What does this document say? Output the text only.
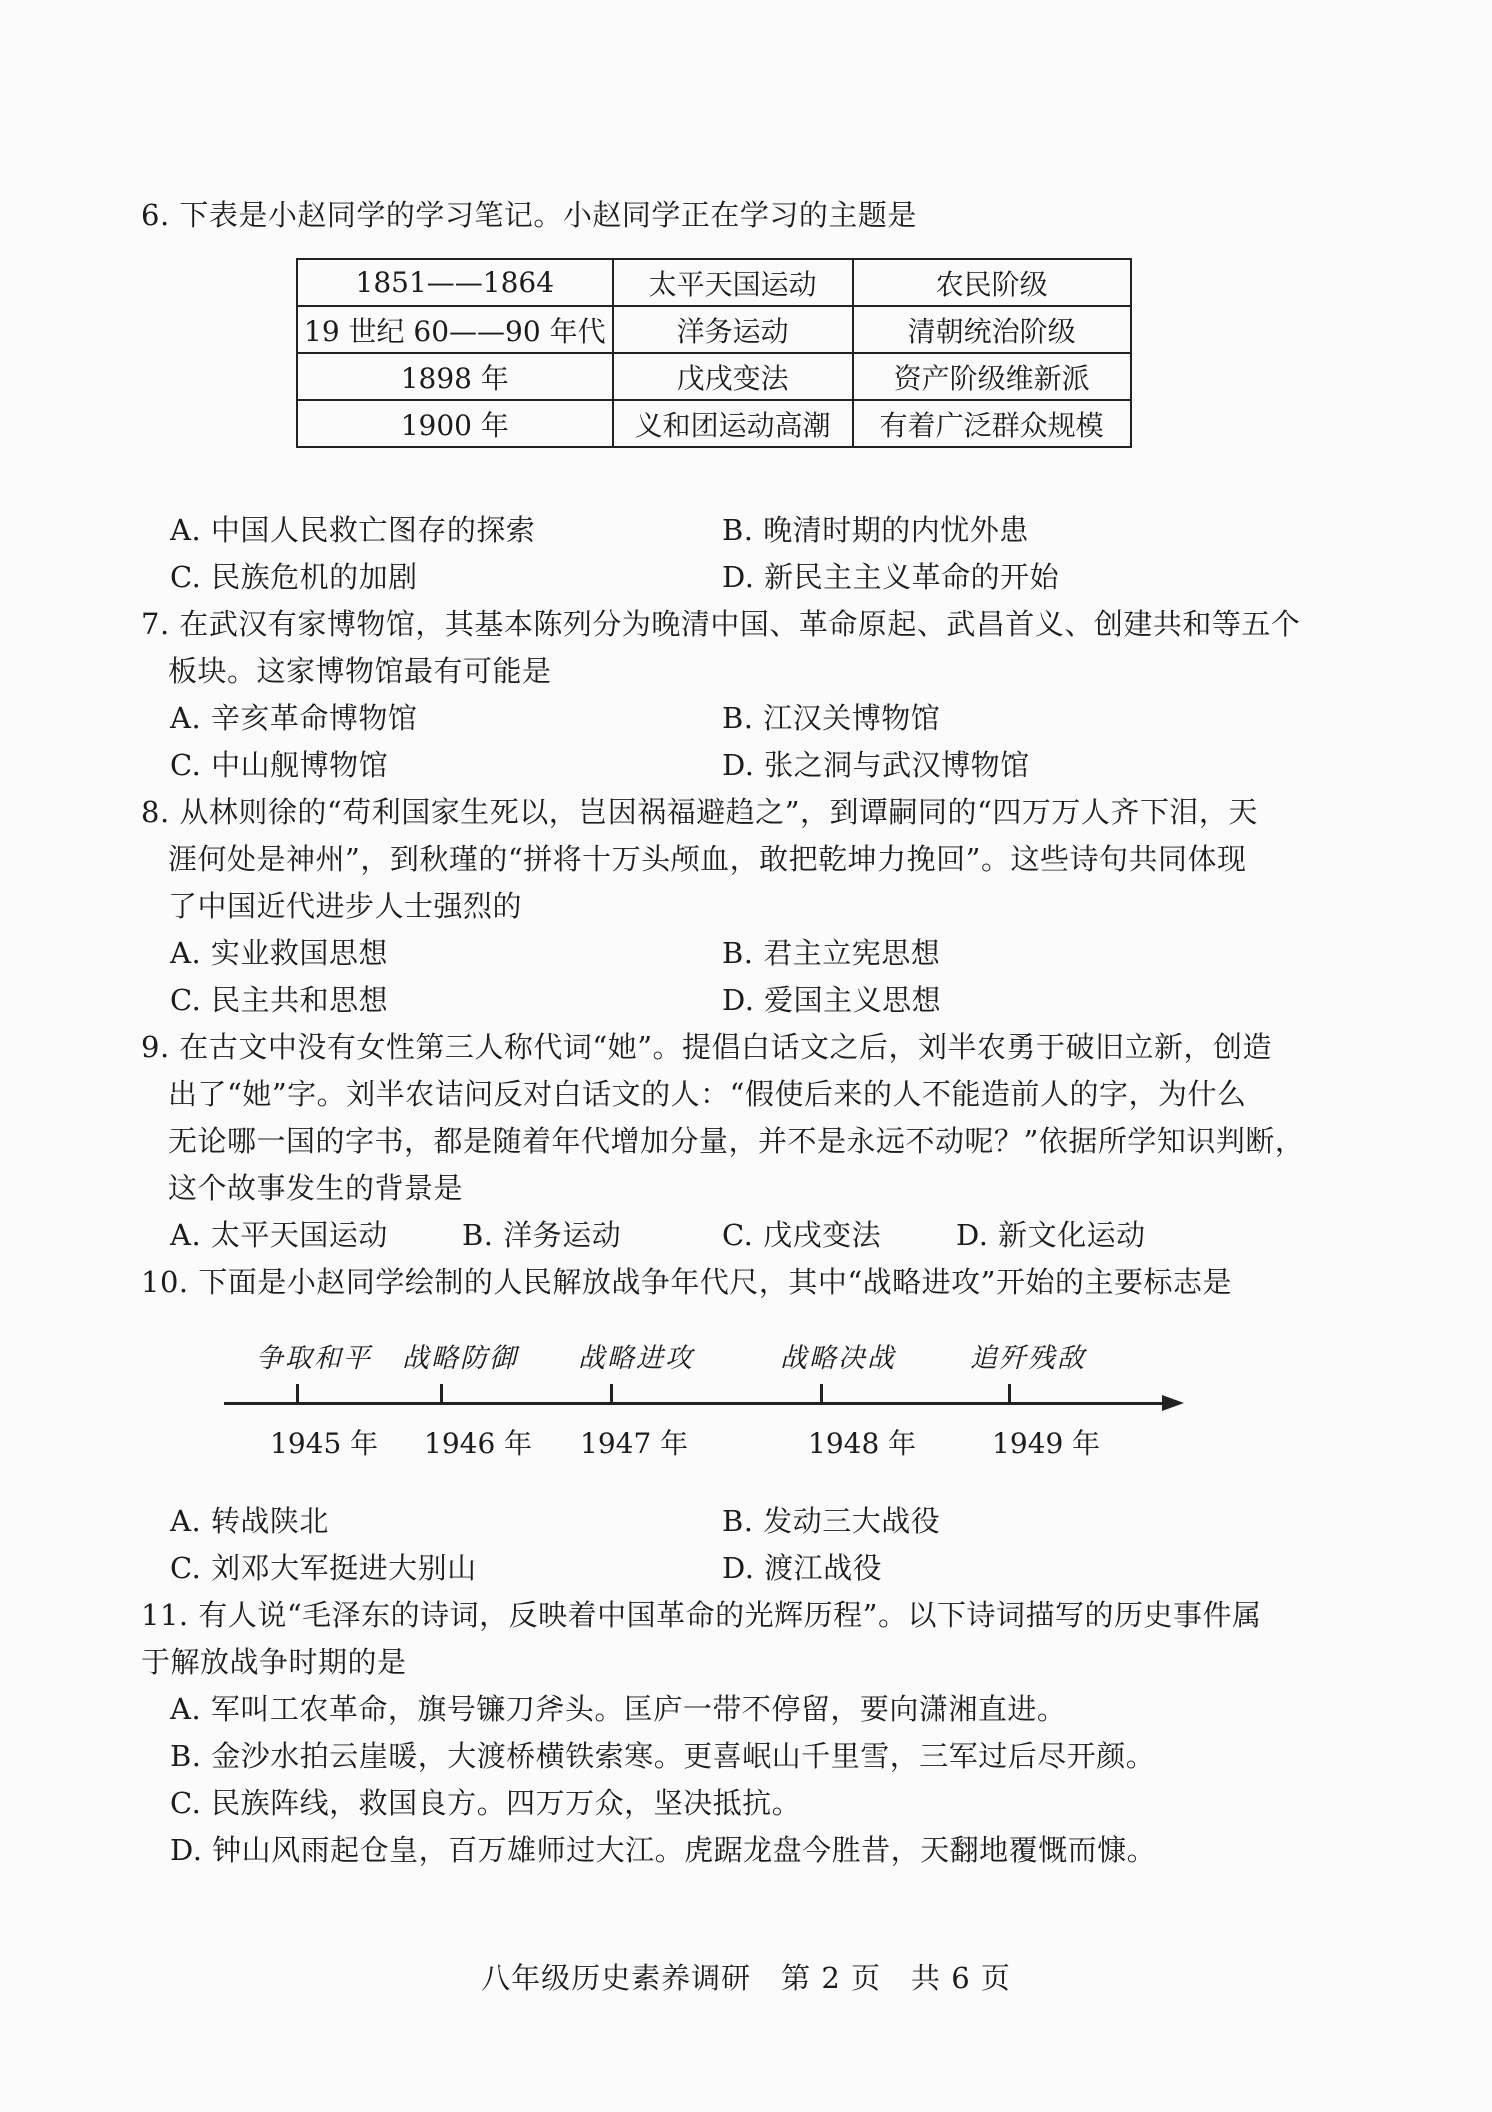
6. 下表是小赵同学的学习笔记。小赵同学正在学习的主题是
1851——1864	太平天国运动	农民阶级
19 世纪 60——90 年代	洋务运动	清朝统治阶级
1898 年	戊戌变法	资产阶级维新派
1900 年	义和团运动高潮	有着广泛群众规模
A. 中国人民救亡图存的探索	B. 晚清时期的内忧外患
C. 民族危机的加剧	D. 新民主主义革命的开始
7. 在武汉有家博物馆，其基本陈列分为晚清中国、革命原起、武昌首义、创建共和等五个
板块。这家博物馆最有可能是
A. 辛亥革命博物馆	B. 江汉关博物馆
C. 中山舰博物馆	D. 张之洞与武汉博物馆
8. 从林则徐的“苟利国家生死以，岂因祸福避趋之”，到谭嗣同的“四万万人齐下泪，天
涯何处是神州”，到秋瑾的“拼将十万头颅血，敢把乾坤力挽回”。这些诗句共同体现
了中国近代进步人士强烈的
A. 实业救国思想	B. 君主立宪思想
C. 民主共和思想	D. 爱国主义思想
9. 在古文中没有女性第三人称代词“她”。提倡白话文之后，刘半农勇于破旧立新，创造
出了“她”字。刘半农诘问反对白话文的人：“假使后来的人不能造前人的字，为什么
无论哪一国的字书，都是随着年代增加分量，并不是永远不动呢？”依据所学知识判断，
这个故事发生的背景是
A. 太平天国运动	B. 洋务运动	C. 戊戌变法	D. 新文化运动
10. 下面是小赵同学绘制的人民解放战争年代尺，其中“战略进攻”开始的主要标志是
争取和平 战略防御 战略进攻	战略决战	追歼残敌
1945 年 1946 年 1947 年	1948 年	1949 年
A. 转战陕北	B. 发动三大战役
C. 刘邓大军挺进大别山	D. 渡江战役
11. 有人说“毛泽东的诗词，反映着中国革命的光辉历程”。以下诗词描写的历史事件属
于解放战争时期的是
A. 军叫工农革命，旗号镰刀斧头。匡庐一带不停留，要向潇湘直进。
B. 金沙水拍云崖暖，大渡桥横铁索寒。更喜岷山千里雪，三军过后尽开颜。
C. 民族阵线，救国良方。四万万众，坚决抵抗。
D. 钟山风雨起仓皇，百万雄师过大江。虎踞龙盘今胜昔，天翻地覆慨而慷。
八年级历史素养调研　第 2 页　共 6 页
